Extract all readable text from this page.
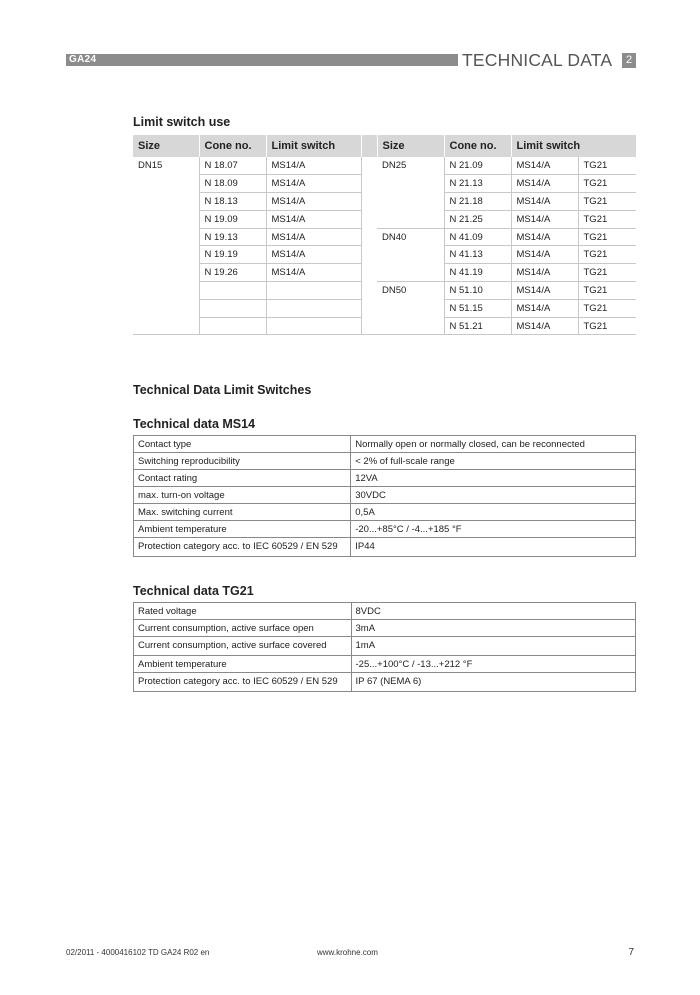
GA24	TECHNICAL DATA	2
Limit switch use
Size	Cone no.	Limit switch		Size	Cone no.	Limit switch	
DN15	N 18.07	MS14/A		DN25	N 21.09	MS14/A	TG21
	N 18.09	MS14/A			N 21.13	MS14/A	TG21
	N 18.13	MS14/A			N 21.18	MS14/A	TG21
	N 19.09	MS14/A			N 21.25	MS14/A	TG21
	N 19.13	MS14/A		DN40	N 41.09	MS14/A	TG21
	N 19.19	MS14/A			N 41.13	MS14/A	TG21
	N 19.26	MS14/A			N 41.19	MS14/A	TG21
				DN50	N 51.10	MS14/A	TG21
					N 51.15	MS14/A	TG21
					N 51.21	MS14/A	TG21
Technical Data Limit Switches
Technical data MS14
Contact type	Normally open or normally closed, can be reconnected
Switching reproducibility	< 2% of full-scale range
Contact rating	12VA
max. turn-on voltage	30VDC
Max. switching current	0,5A
Ambient temperature	-20...+85°C / -4...+185 °F
Protection category acc. to IEC 60529 / EN 529	IP44
Technical data TG21
Rated voltage	8VDC
Current consumption, active surface open	3mA
Current consumption, active surface covered	1mA
Ambient temperature	-25...+100°C / -13...+212 °F
Protection category acc. to IEC 60529 / EN 529	IP 67 (NEMA 6)
02/2011 - 4000416102 TD GA24 R02 en	www.krohne.com	7
